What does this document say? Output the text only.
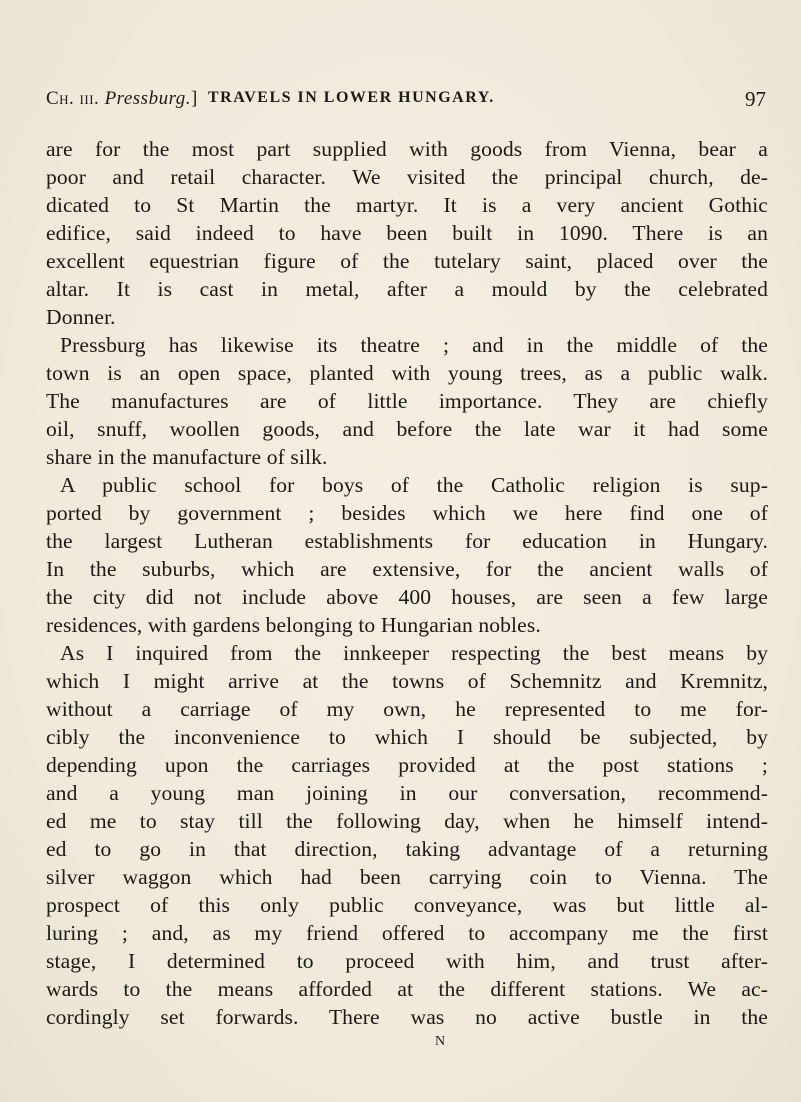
Ch. iii. Pressburg.] TRAVELS IN LOWER HUNGARY.	97
are for the most part supplied with goods from Vienna, bear a
poor and retail character. We visited the principal church, de-
dicated to St Martin the martyr. It is a very ancient Gothic
edifice, said indeed to have been built in 1090. There is an
excellent equestrian figure of the tutelary saint, placed over the
altar. It is cast in metal, after a mould by the celebrated
Donner.
Pressburg has likewise its theatre ; and in the middle of the
town is an open space, planted with young trees, as a public walk.
The manufactures are of little importance. They are chiefly
oil, snuff, woollen goods, and before the late war it had some
share in the manufacture of silk.
A public school for boys of the Catholic religion is sup-
ported by government ; besides which we here find one of
the largest Lutheran establishments for education in Hungary.
In the suburbs, which are extensive, for the ancient walls of
the city did not include above 400 houses, are seen a few large
residences, with gardens belonging to Hungarian nobles.
As I inquired from the innkeeper respecting the best means by
which I might arrive at the towns of Schemnitz and Kremnitz,
without a carriage of my own, he represented to me for-
cibly the inconvenience to which I should be subjected, by
depending upon the carriages provided at the post stations ;
and a young man joining in our conversation, recommend-
ed me to stay till the following day, when he himself intend-
ed to go in that direction, taking advantage of a returning
silver waggon which had been carrying coin to Vienna. The
prospect of this only public conveyance, was but little al-
luring ; and, as my friend offered to accompany me the first
stage, I determined to proceed with him, and trust after-
wards to the means afforded at the different stations. We ac-
cordingly set forwards. There was no active bustle in the
N
